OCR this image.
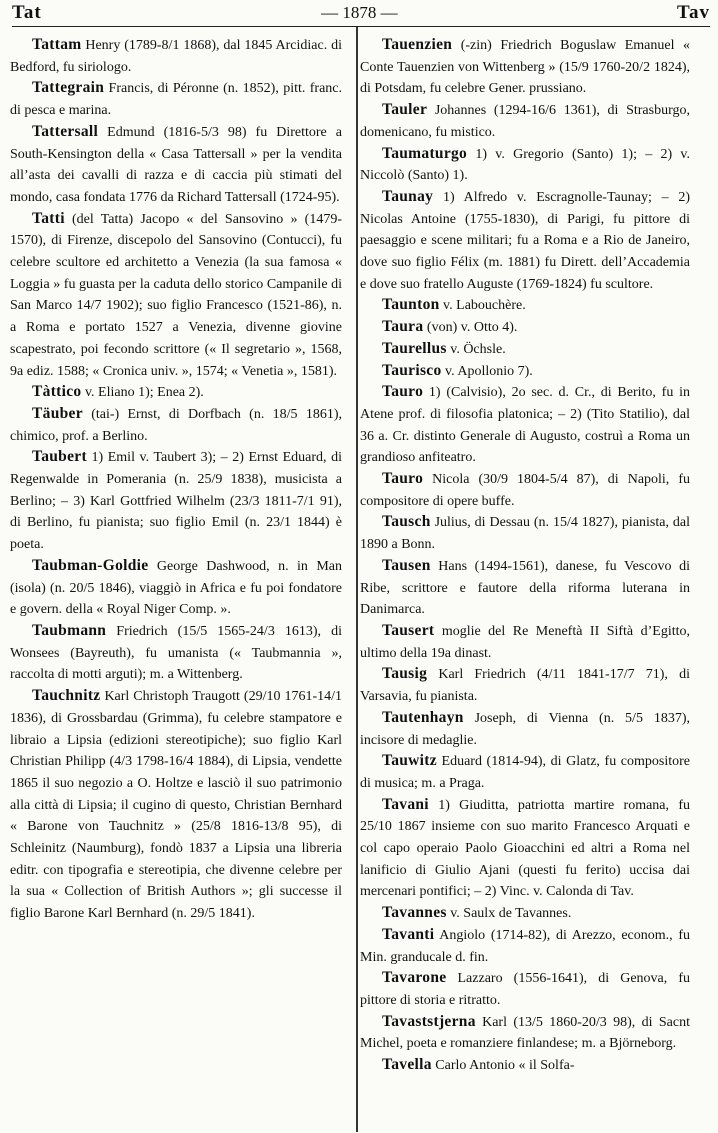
Tat	— 1878 —	Tav
Tattam Henry (1789-8/1 1868), dal 1845 Arcidiac. di Bedford, fu siriologo.
Tattegrain Francis, di Péronne (n. 1852), pitt. franc. di pesca e marina.
Tattersall Edmund (1816-5/3 98) fu Direttore a South-Kensington della « Casa Tattersall » per la vendita all’asta dei cavalli di razza e di caccia più stimati del mondo, casa fondata 1776 da Richard Tattersall (1724-95).
Tatti (del Tatta) Jacopo « del Sansovino » (1479-1570), di Firenze, discepolo del Sansovino (Contucci), fu celebre scultore ed architetto a Venezia (la sua famosa « Loggia » fu guasta per la caduta dello storico Campanile di San Marco 14/7 1902); suo figlio Francesco (1521-86), n. a Roma e portato 1527 a Venezia, divenne giovine scapestrato, poi fecondo scrittore (« Il segretario », 1568, 9a ediz. 1588; « Cronica univ. », 1574; « Venetia », 1581).
Tàttico v. Eliano 1); Enea 2).
Täuber (tai-) Ernst, di Dorfbach (n. 18/5 1861), chimico, prof. a Berlino.
Taubert 1) Emil v. Taubert 3); – 2) Ernst Eduard, di Regenwalde in Pomerania (n. 25/9 1838), musicista a Berlino; – 3) Karl Gottfried Wilhelm (23/3 1811-7/1 91), di Berlino, fu pianista; suo figlio Emil (n. 23/1 1844) è poeta.
Taubman-Goldie George Dashwood, n. in Man (isola) (n. 20/5 1846), viaggiò in Africa e fu poi fondatore e govern. della « Royal Niger Comp. ».
Taubmann Friedrich (15/5 1565-24/3 1613), di Wonsees (Bayreuth), fu umanista (« Taubmannia », raccolta di motti arguti); m. a Wittenberg.
Tauchnitz Karl Christoph Traugott (29/10 1761-14/1 1836), di Grossbardau (Grimma), fu celebre stampatore e libraio a Lipsia (edizioni stereotipiche); suo figlio Karl Christian Philipp (4/3 1798-16/4 1884), di Lipsia, vendette 1865 il suo negozio a O. Holtze e lasciò il suo patrimonio alla città di Lipsia; il cugino di questo, Christian Bernhard « Barone von Tauchnitz » (25/8 1816-13/8 95), di Schleinitz (Naumburg), fondò 1837 a Lipsia una libreria editr. con tipografia e stereotipia, che divenne celebre per la sua « Collection of British Authors »; gli successe il figlio Barone Karl Bernhard (n. 29/5 1841).
Tauenzien (-zin) Friedrich Boguslaw Emanuel « Conte Tauenzien von Wittenberg » (15/9 1760-20/2 1824), di Potsdam, fu celebre Gener. prussiano.
Tauler Johannes (1294-16/6 1361), di Strasburgo, domenicano, fu mistico.
Taumaturgo 1) v. Gregorio (Santo) 1); – 2) v. Niccolò (Santo) 1).
Taunay 1) Alfredo v. Escragnolle-Taunay; – 2) Nicolas Antoine (1755-1830), di Parigi, fu pittore di paesaggio e scene militari; fu a Roma e a Rio de Janeiro, dove suo figlio Félix (m. 1881) fu Dirett. dell’Accademia e dove suo fratello Auguste (1769-1824) fu scultore.
Taunton v. Labouchère.
Taura (von) v. Otto 4).
Taurellus v. Öchsle.
Taurisco v. Apollonio 7).
Tauro 1) (Calvisio), 2o sec. d. Cr., di Berito, fu in Atene prof. di filosofia platonica; – 2) (Tito Statilio), dal 36 a. Cr. distinto Generale di Augusto, costruì a Roma un grandioso anfiteatro.
Tauro Nicola (30/9 1804-5/4 87), di Napoli, fu compositore di opere buffe.
Tausch Julius, di Dessau (n. 15/4 1827), pianista, dal 1890 a Bonn.
Tausen Hans (1494-1561), danese, fu Vescovo di Ribe, scrittore e fautore della riforma luterana in Danimarca.
Tausert moglie del Re Meneftà II Siftà d’Egitto, ultimo della 19a dinast.
Tausig Karl Friedrich (4/11 1841-17/7 71), di Varsavia, fu pianista.
Tautenhayn Joseph, di Vienna (n. 5/5 1837), incisore di medaglie.
Tauwitz Eduard (1814-94), di Glatz, fu compositore di musica; m. a Praga.
Tavani 1) Giuditta, patriotta martire romana, fu 25/10 1867 insieme con suo marito Francesco Arquati e col capo operaio Paolo Gioacchini ed altri a Roma nel lanificio di Giulio Ajani (questi fu ferito) uccisa dai mercenari pontifici; – 2) Vinc. v. Calonda di Tav.
Tavannes v. Saulx de Tavannes.
Tavanti Angiolo (1714-82), di Arezzo, econom., fu Min. granducale d. fin.
Tavarone Lazzaro (1556-1641), di Genova, fu pittore di storia e ritratto.
Tavaststjerna Karl (13/5 1860-20/3 98), di Sacnt Michel, poeta e romanziere finlandese; m. a Björneborg.
Tavella Carlo Antonio « il Solfa-
